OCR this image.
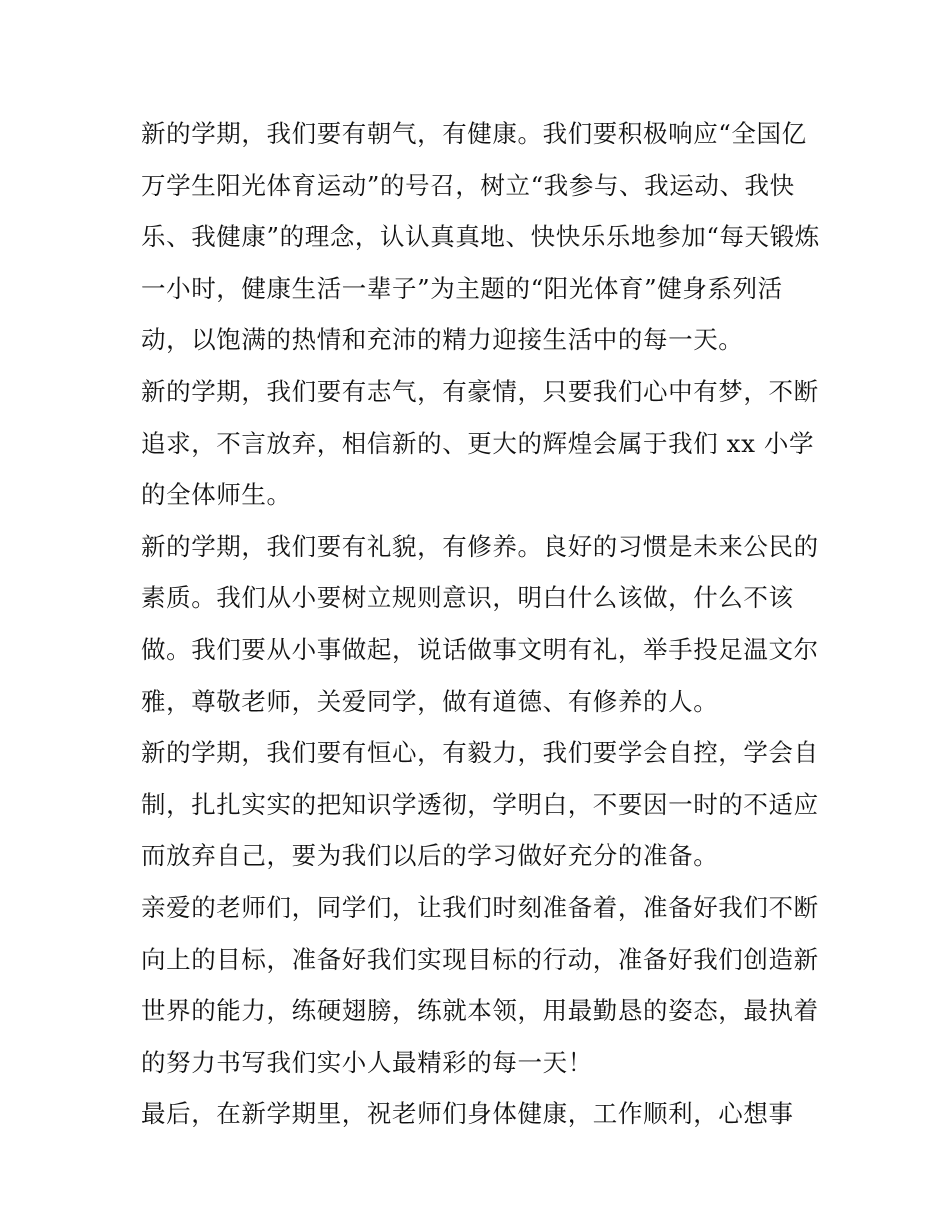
新的学期，我们要有朝气，有健康。我们要积极响应“全国亿
万学生阳光体育运动”的号召，树立“我参与、我运动、我快
乐、我健康”的理念，认认真真地、快快乐乐地参加“每天锻炼
一小时，健康生活一辈子”为主题的“阳光体育”健身系列活
动，以饱满的热情和充沛的精力迎接生活中的每一天。
新的学期，我们要有志气，有豪情，只要我们心中有梦，不断
追求，不言放弃，相信新的、更大的辉煌会属于我们 xx 小学
的全体师生。
新的学期，我们要有礼貌，有修养。良好的习惯是未来公民的
素质。我们从小要树立规则意识，明白什么该做，什么不该
做。我们要从小事做起，说话做事文明有礼，举手投足温文尔
雅，尊敬老师，关爱同学，做有道德、有修养的人。
新的学期，我们要有恒心，有毅力，我们要学会自控，学会自
制，扎扎实实的把知识学透彻，学明白，不要因一时的不适应
而放弃自己，要为我们以后的学习做好充分的准备。
亲爱的老师们，同学们，让我们时刻准备着，准备好我们不断
向上的目标，准备好我们实现目标的行动，准备好我们创造新
世界的能力，练硬翅膀，练就本领，用最勤恳的姿态，最执着
的努力书写我们实小人最精彩的每一天！
最后，在新学期里，祝老师们身体健康，工作顺利，心想事
